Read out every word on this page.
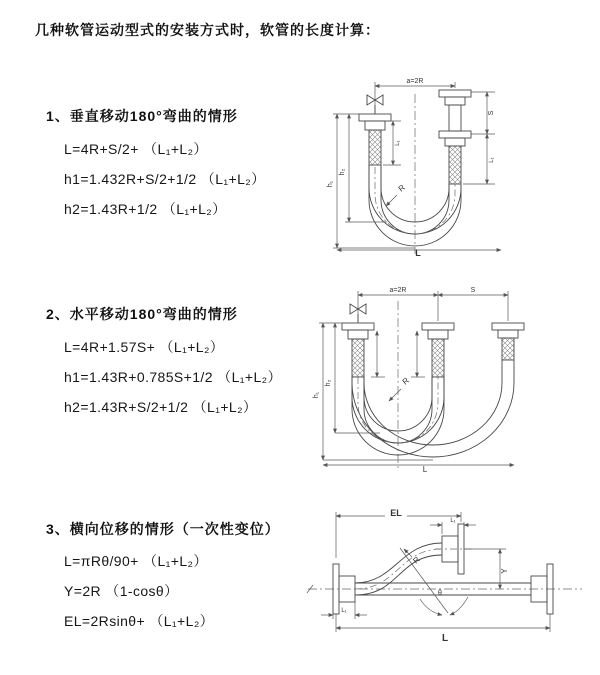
几种软管运动型式的安装方式时，软管的长度计算：
1、垂直移动180°弯曲的情形
L=4R+S/2+ （L₁+L₂）
h1=1.432R+S/2+1/2 （L₁+L₂）
h2=1.43R+1/2 （L₁+L₂）
2、水平移动180°弯曲的情形
L=4R+1.57S+ （L₁+L₂）
h1=1.43R+0.785S+1/2 （L₁+L₂）
h2=1.43R+S/2+1/2 （L₁+L₂）
3、横向位移的情形（一次性变位）
L=πRθ/90+ （L₁+L₂）
Y=2R （1-cosθ）
EL=2Rsinθ+ （L₁+L₂）
a=2R
h₁
h₂
L₁
S
L₁
R
L
a=2R	S
h₁
h₂	R
L
θ
R
EL
L₁
Y
L₁
L
